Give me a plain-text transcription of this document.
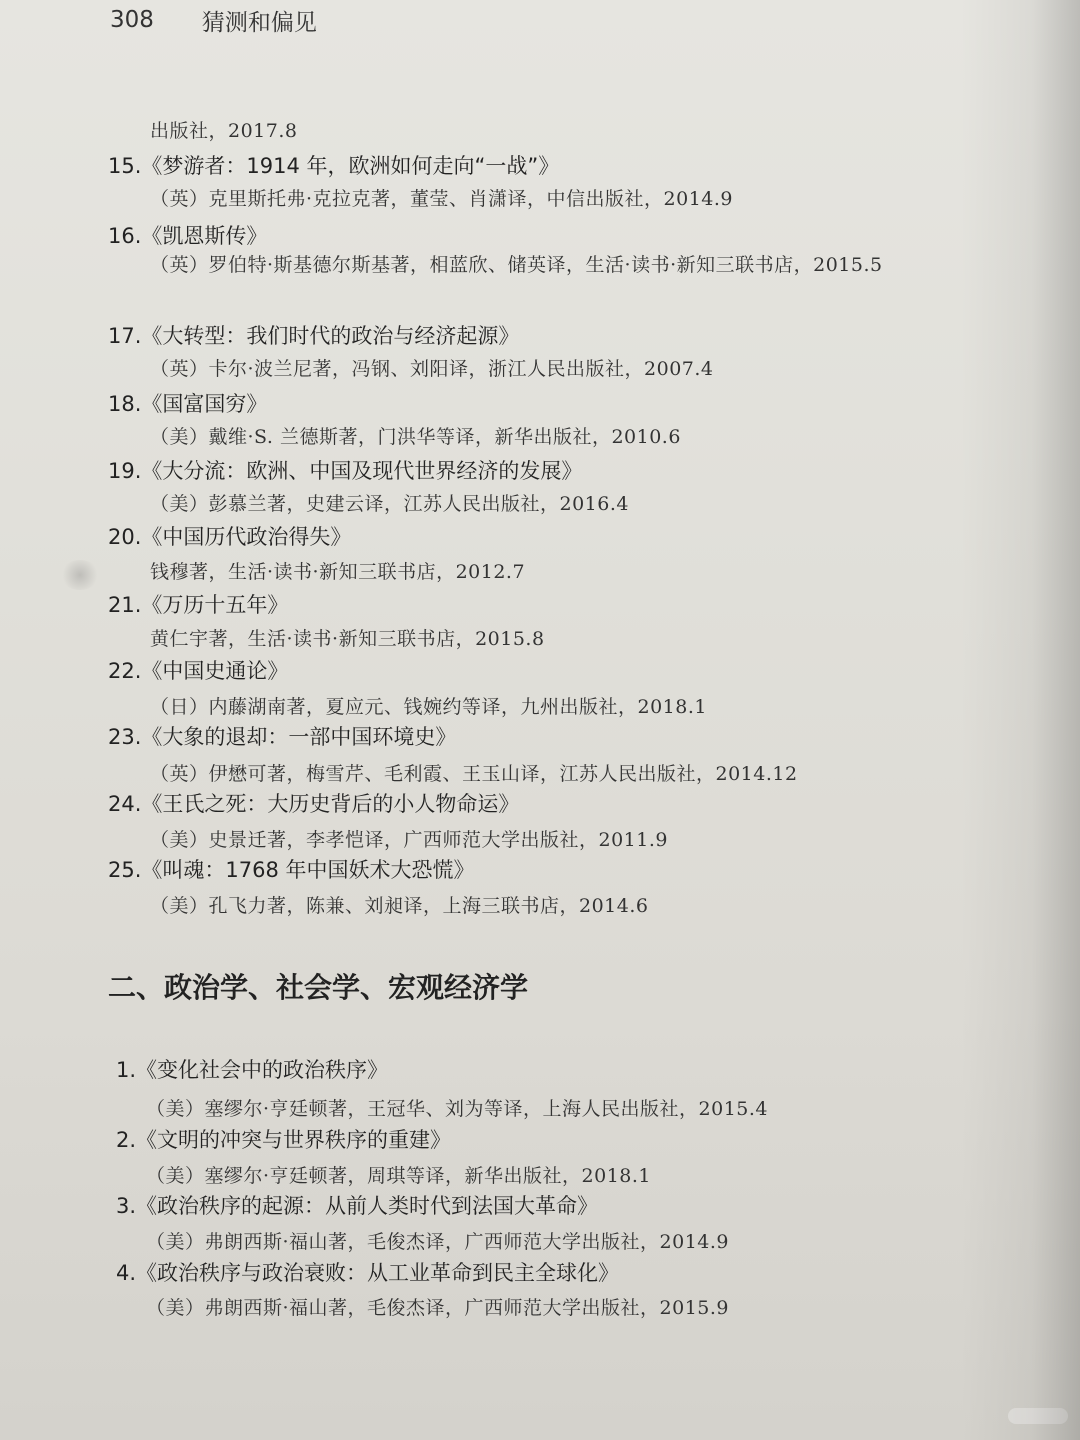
308 猜测和偏见
出版社，2017.8
15.《梦游者：1914 年，欧洲如何走向“一战”》
（英）克里斯托弗·克拉克著，董莹、肖潇译，中信出版社，2014.9
16.《凯恩斯传》
（英）罗伯特·斯基德尔斯基著，相蓝欣、储英译，生活·读书·新知三联书店，2015.5
17.《大转型：我们时代的政治与经济起源》
（英）卡尔·波兰尼著，冯钢、刘阳译，浙江人民出版社，2007.4
18.《国富国穷》
（美）戴维·S. 兰德斯著，门洪华等译，新华出版社，2010.6
19.《大分流：欧洲、中国及现代世界经济的发展》
（美）彭慕兰著，史建云译，江苏人民出版社，2016.4
20.《中国历代政治得失》
钱穆著，生活·读书·新知三联书店，2012.7
21.《万历十五年》
黄仁宇著，生活·读书·新知三联书店，2015.8
22.《中国史通论》
（日）内藤湖南著，夏应元、钱婉约等译，九州出版社，2018.1
23.《大象的退却：一部中国环境史》
（英）伊懋可著，梅雪芹、毛利霞、王玉山译，江苏人民出版社，2014.12
24.《王氏之死：大历史背后的小人物命运》
（美）史景迁著，李孝恺译，广西师范大学出版社，2011.9
25.《叫魂：1768 年中国妖术大恐慌》
（美）孔飞力著，陈兼、刘昶译，上海三联书店，2014.6
二、政治学、社会学、宏观经济学
1.《变化社会中的政治秩序》
（美）塞缪尔·亨廷顿著，王冠华、刘为等译，上海人民出版社，2015.4
2.《文明的冲突与世界秩序的重建》
（美）塞缪尔·亨廷顿著，周琪等译，新华出版社，2018.1
3.《政治秩序的起源：从前人类时代到法国大革命》
（美）弗朗西斯·福山著，毛俊杰译，广西师范大学出版社，2014.9
4.《政治秩序与政治衰败：从工业革命到民主全球化》
（美）弗朗西斯·福山著，毛俊杰译，广西师范大学出版社，2015.9
